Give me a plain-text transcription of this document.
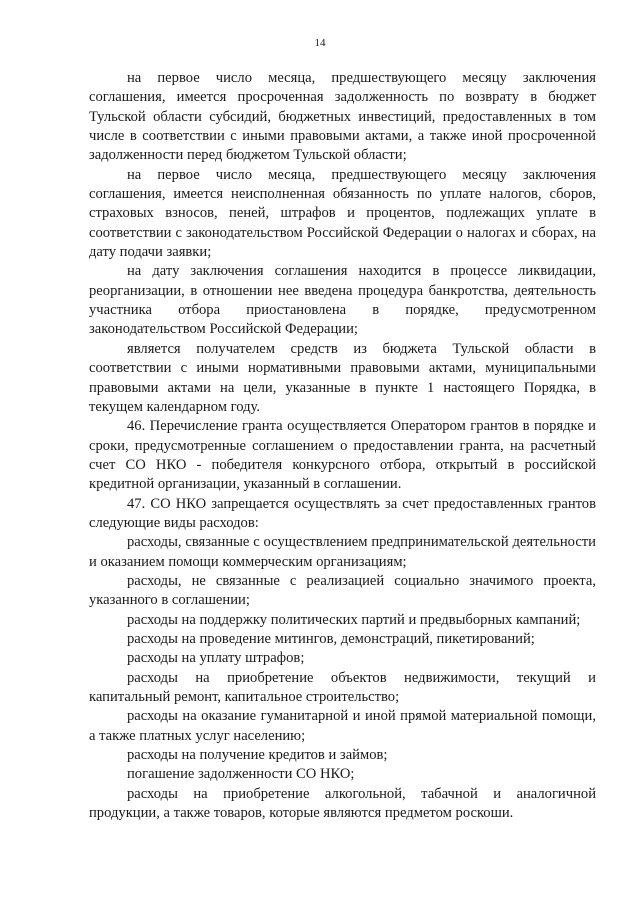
14

на первое число месяца, предшествующего месяцу заключения соглашения, имеется просроченная задолженность по возврату в бюджет Тульской области субсидий, бюджетных инвестиций, предоставленных в том числе в соответствии с иными правовыми актами, а также иной просроченной задолженности перед бюджетом Тульской области;

на первое число месяца, предшествующего месяцу заключения соглашения, имеется неисполненная обязанность по уплате налогов, сборов, страховых взносов, пеней, штрафов и процентов, подлежащих уплате в соответствии с законодательством Российской Федерации о налогах и сборах, на дату подачи заявки;

на дату заключения соглашения находится в процессе ликвидации, реорганизации, в отношении нее введена процедура банкротства, деятельность участника отбора приостановлена в порядке, предусмотренном законодательством Российской Федерации;

является получателем средств из бюджета Тульской области в соответствии с иными нормативными правовыми актами, муниципальными правовыми актами на цели, указанные в пункте 1 настоящего Порядка, в текущем календарном году.

46. Перечисление гранта осуществляется Оператором грантов в порядке и сроки, предусмотренные соглашением о предоставлении гранта, на расчетный счет СО НКО - победителя конкурсного отбора, открытый в российской кредитной организации, указанный в соглашении.

47. СО НКО запрещается осуществлять за счет предоставленных грантов следующие виды расходов:

расходы, связанные с осуществлением предпринимательской деятельности и оказанием помощи коммерческим организациям;

расходы, не связанные с реализацией социально значимого проекта, указанного в соглашении;

расходы на поддержку политических партий и предвыборных кампаний;

расходы на проведение митингов, демонстраций, пикетирований;

расходы на уплату штрафов;

расходы на приобретение объектов недвижимости, текущий и капитальный ремонт, капитальное строительство;

расходы на оказание гуманитарной и иной прямой материальной помощи, а также платных услуг населению;

расходы на получение кредитов и займов;

погашение задолженности СО НКО;

расходы на приобретение алкогольной, табачной и аналогичной продукции, а также товаров, которые являются предметом роскоши.
